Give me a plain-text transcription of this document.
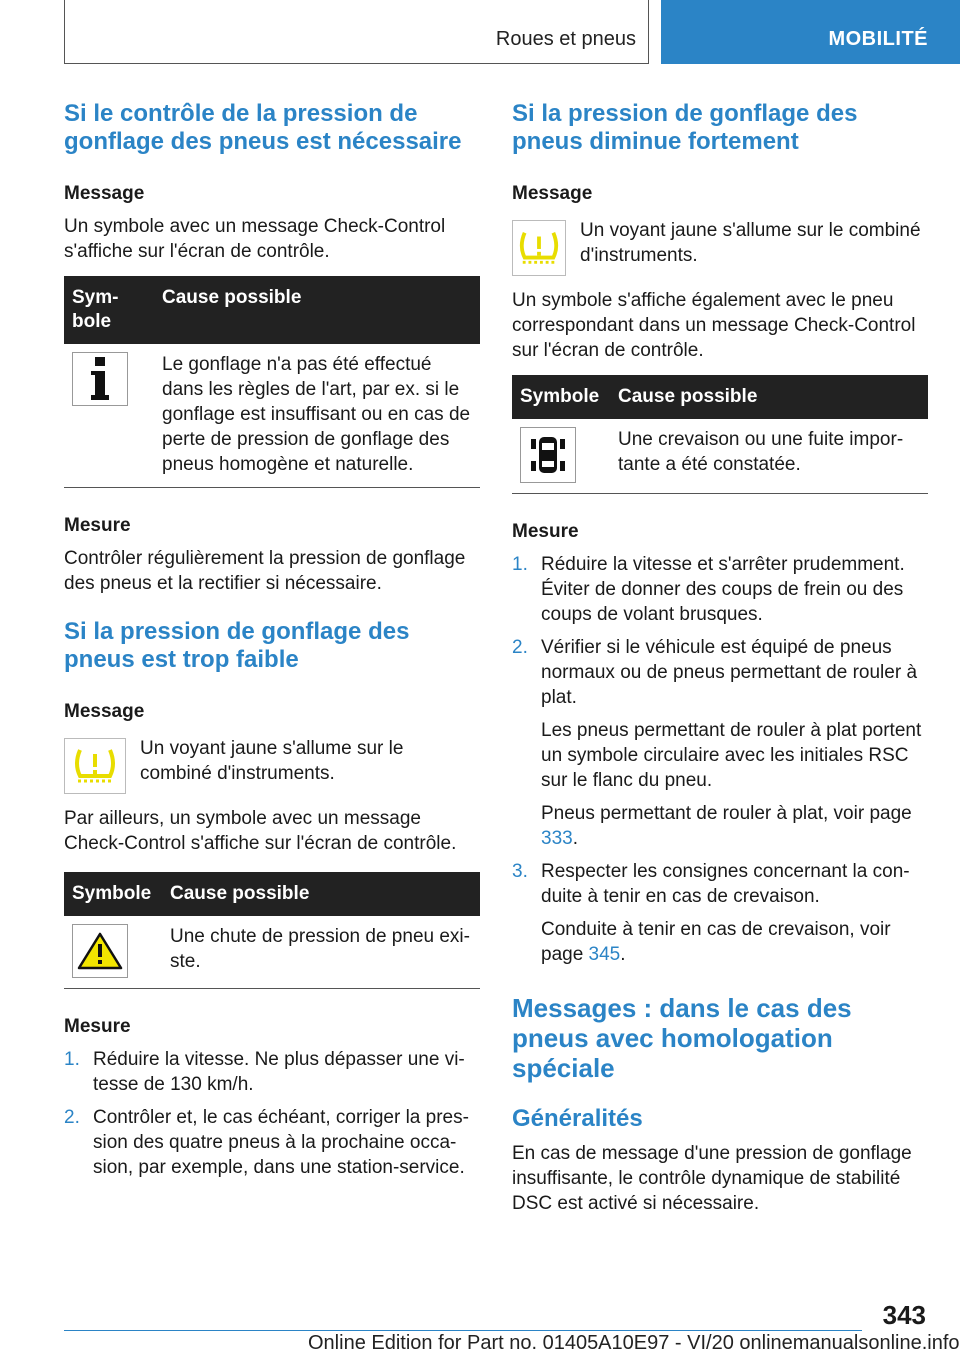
Roues et pneus	MOBILITÉ
Si le contrôle de la pression de gonflage des pneus est nécessaire
Message

Un symbole avec un message Check-Control s'affiche sur l'écran de contrôle.

Sym-bole	Cause possible

	Le gonflage n'a pas été effectué dans les règles de l'art, par ex. si le gonflage est insuffisant ou en cas de perte de pression de gonflage des pneus homogène et naturelle.
Mesure

Contrôler régulièrement la pression de gonflage des pneus et la rectifier si nécessaire.

Si la pression de gonflage des pneus est trop faible
Message

Un voyant jaune s'allume sur le combiné d'instruments.

Par ailleurs, un symbole avec un message Check-Control s'affiche sur l'écran de contrôle.

Symbole	Cause possible

	Une chute de pression de pneu exi-ste.
Mesure
1. Réduire la vitesse. Ne plus dépasser une vi-tesse de 130 km/h.

2. Contrôler et, le cas échéant, corriger la pres-sion des quatre pneus à la prochaine occa-sion, par exemple, dans une station-service.

Si la pression de gonflage des pneus diminue fortement
Message

Un voyant jaune s'allume sur le combiné d'instruments.

Un symbole s'affiche également avec le pneu correspondant dans un message Check-Control sur l'écran de contrôle.

Symbole	Cause possible

	Une crevaison ou une fuite impor-tante a été constatée.
Mesure
1. Réduire la vitesse et s'arrêter prudemment. Éviter de donner des coups de frein ou des coups de volant brusques.

2. Vérifier si le véhicule est équipé de pneus normaux ou de pneus permettant de rouler à plat.

Les pneus permettant de rouler à plat portent un symbole circulaire avec les initiales RSC sur le flanc du pneu.

Pneus permettant de rouler à plat, voir page 333.

3. Respecter les consignes concernant la con-duite à tenir en cas de crevaison.

Conduite à tenir en cas de crevaison, voir page 345.

Messages : dans le cas des pneus avec homologation spéciale
Généralités

En cas de message d'une pression de gonflage insuffisante, le contrôle dynamique de stabilité DSC est activé si nécessaire.

343
Online Edition for Part no. 01405A10E97 - VI/20 onlinemanualsonline.info
